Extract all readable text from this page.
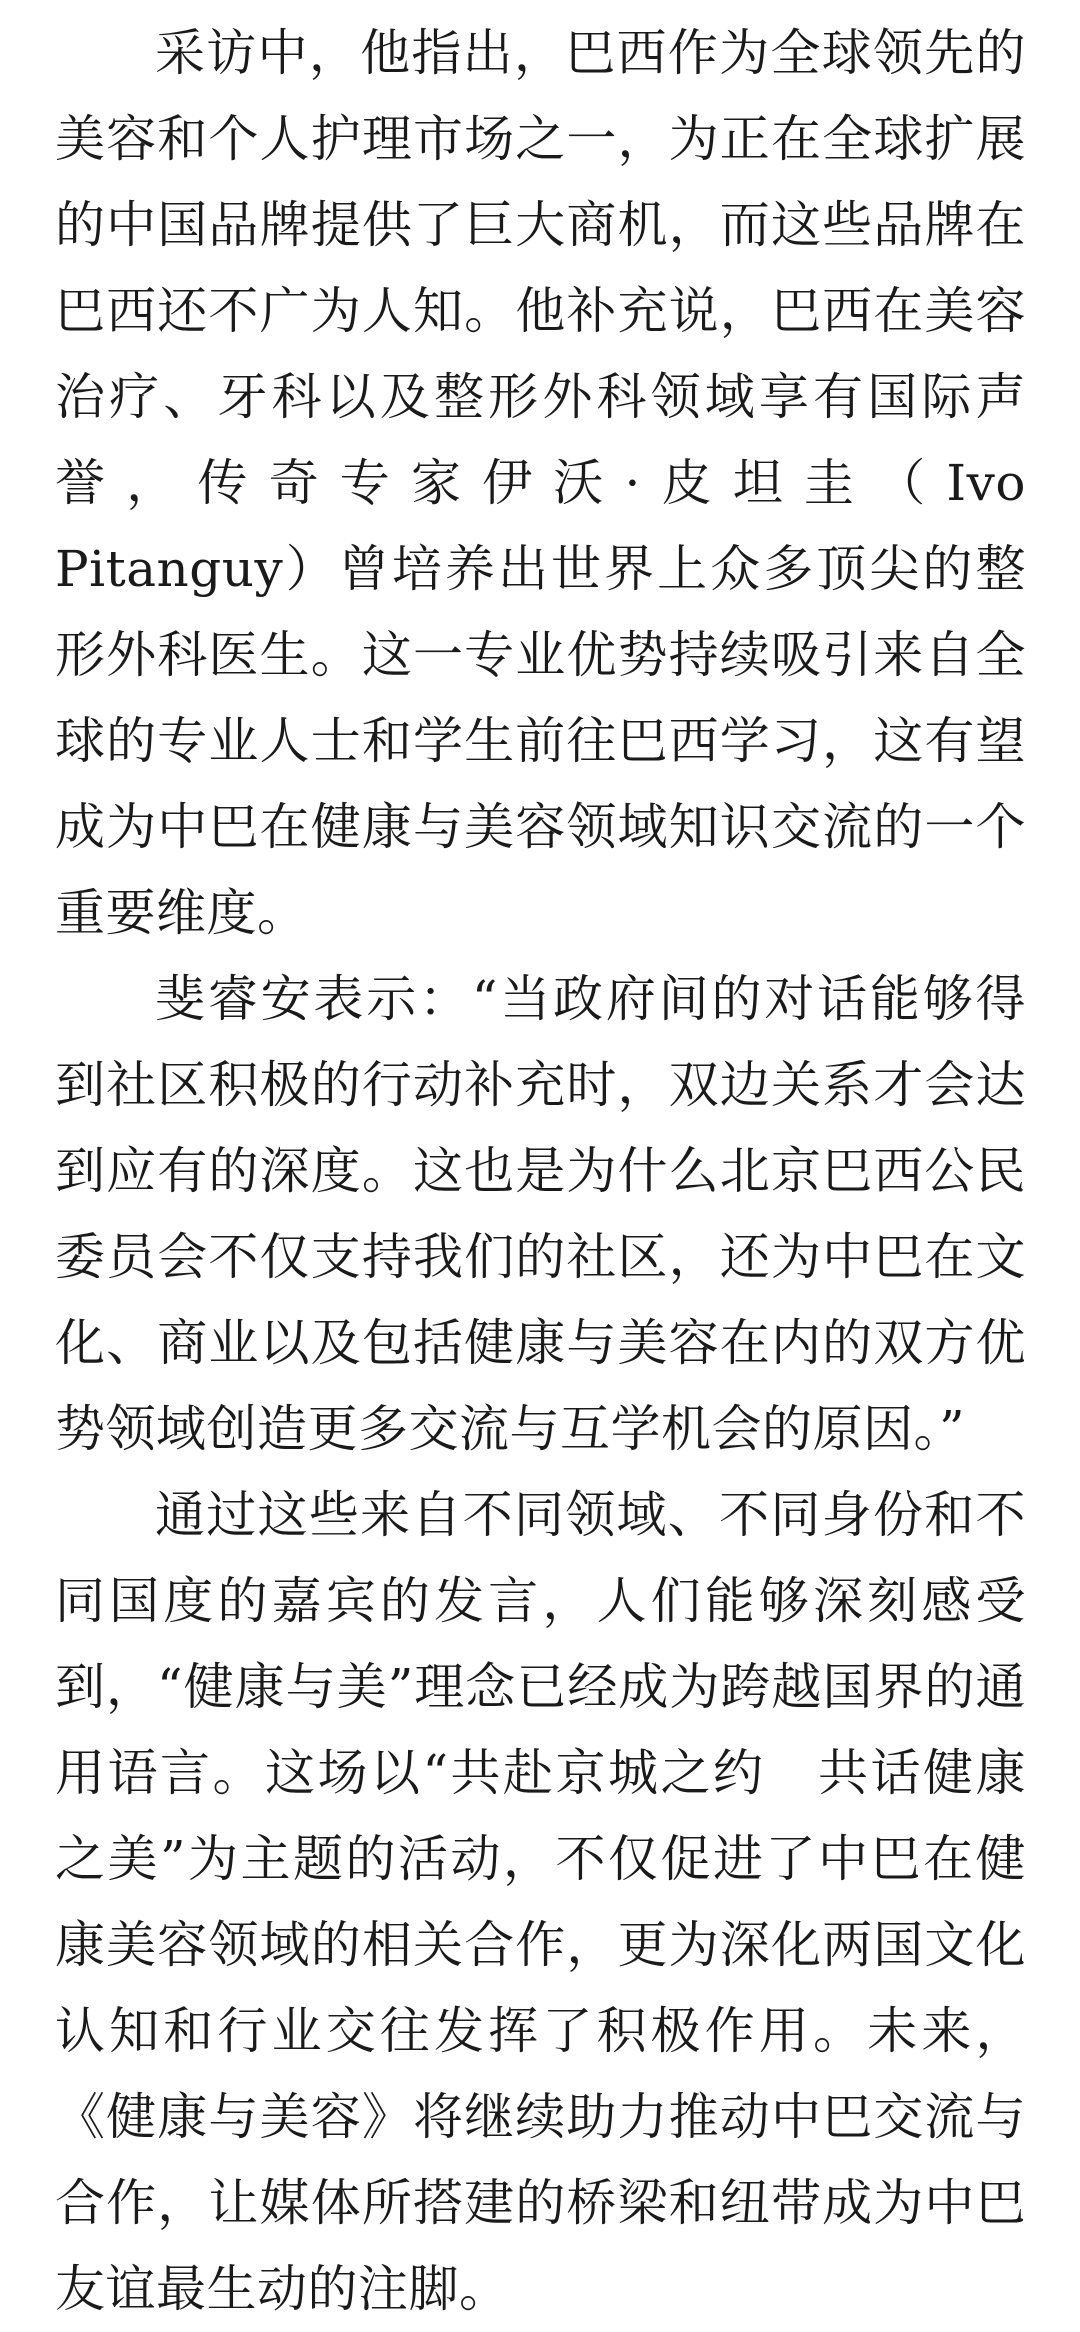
采访中，他指出，巴西作为全球领先的美容和个人护理市场之一，为正在全球扩展的中国品牌提供了巨大商机，而这些品牌在巴西还不广为人知。他补充说，巴西在美容治疗、牙科以及整形外科领域享有国际声誉，传奇专家伊沃·皮坦圭（Ivo Pitanguy）曾培养出世界上众多顶尖的整形外科医生。这一专业优势持续吸引来自全球的专业人士和学生前往巴西学习，这有望成为中巴在健康与美容领域知识交流的一个重要维度。

斐睿安表示：“当政府间的对话能够得到社区积极的行动补充时，双边关系才会达到应有的深度。这也是为什么北京巴西公民委员会不仅支持我们的社区，还为中巴在文化、商业以及包括健康与美容在内的双方优势领域创造更多交流与互学机会的原因。”

通过这些来自不同领域、不同身份和不同国度的嘉宾的发言，人们能够深刻感受到，“健康与美”理念已经成为跨越国界的通用语言。这场以“共赴京城之约　共话健康之美”为主题的活动，不仅促进了中巴在健康美容领域的相关合作，更为深化两国文化认知和行业交往发挥了积极作用。未来，《健康与美容》将继续助力推动中巴交流与合作，让媒体所搭建的桥梁和纽带成为中巴友谊最生动的注脚。
